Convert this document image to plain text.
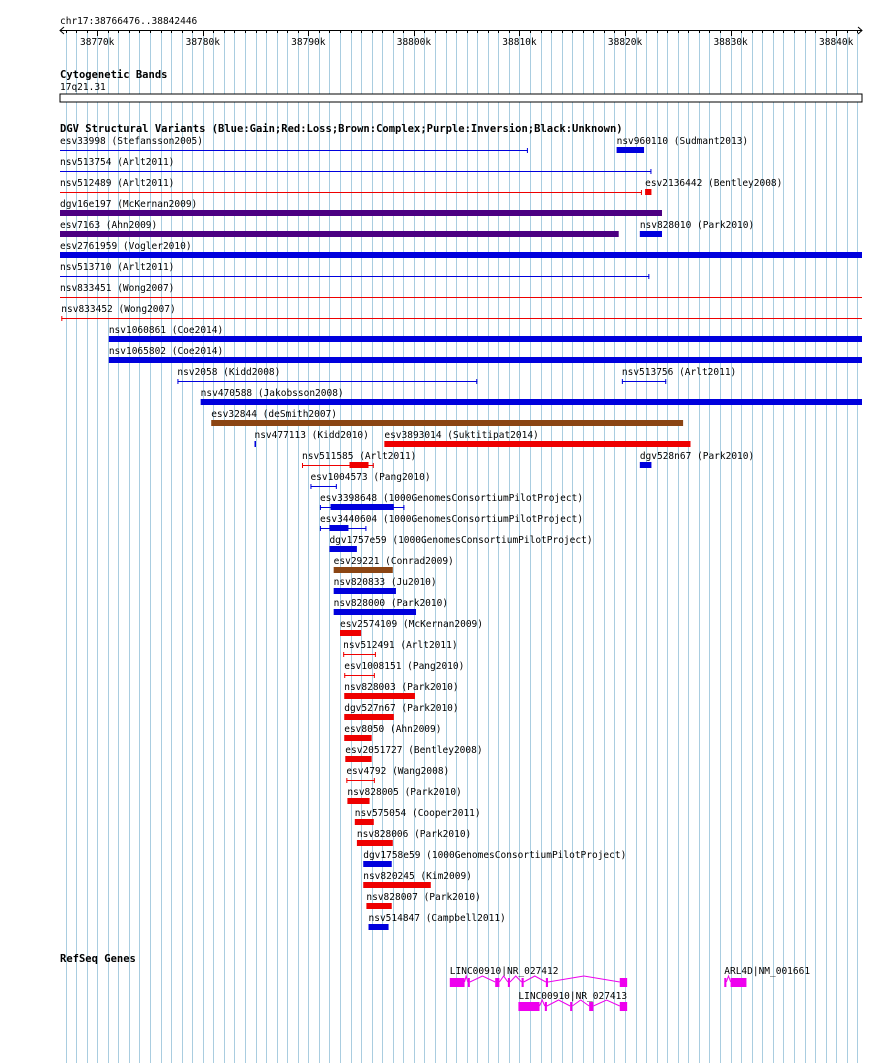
chr17:38766476..38842446
38770k	38780k	38790k	38800k	38810k	38820k	38830k	38840k
Cytogenetic Bands
17q21.31
DGV Structural Variants (Blue:Gain;Red:Loss;Brown:Complex;Purple:Inversion;Black:Unknown)
esv33998 (Stefansson2005)	nsv960110 (Sudmant2013)
nsv513754 (Arlt2011)
nsv512489 (Arlt2011)	esv2136442 (Bentley2008)
dgv16e197 (McKernan2009)
esv7163 (Ahn2009)	nsv828010 (Park2010)
esv2761959 (Vogler2010)
nsv513710 (Arlt2011)
nsv833451 (Wong2007)
nsv833452 (Wong2007)
nsv1060861 (Coe2014)
nsv1065802 (Coe2014)
nsv2058 (Kidd2008)	nsv513756 (Arlt2011)
nsv470588 (Jakobsson2008)
esv32844 (deSmith2007)
nsv477113 (Kidd2010) esv3893014 (Suktitipat2014)
nsv511585 (Arlt2011)	dgv528n67 (Park2010)
esv1004573 (Pang2010)
esv3398648 (1000GenomesConsortiumPilotProject)
esv3440604 (1000GenomesConsortiumPilotProject)
dgv1757e59 (1000GenomesConsortiumPilotProject)
esv29221 (Conrad2009)
nsv820833 (Ju2010)
nsv828000 (Park2010)
esv2574109 (McKernan2009)
nsv512491 (Arlt2011)
esv1008151 (Pang2010)
nsv828003 (Park2010)
dgv527n67 (Park2010)
esv8050 (Ahn2009)
esv2051727 (Bentley2008)
esv4792 (Wang2008)
nsv828005 (Park2010)
nsv575054 (Cooper2011)
nsv828006 (Park2010)
dgv1758e59 (1000GenomesConsortiumPilotProject)
nsv820245 (Kim2009)
nsv828007 (Park2010)
nsv514847 (Campbell2011)
RefSeq Genes
LINC00910|NR_027412
LINC00910|NR_027413
ARL4D|NM_001661
